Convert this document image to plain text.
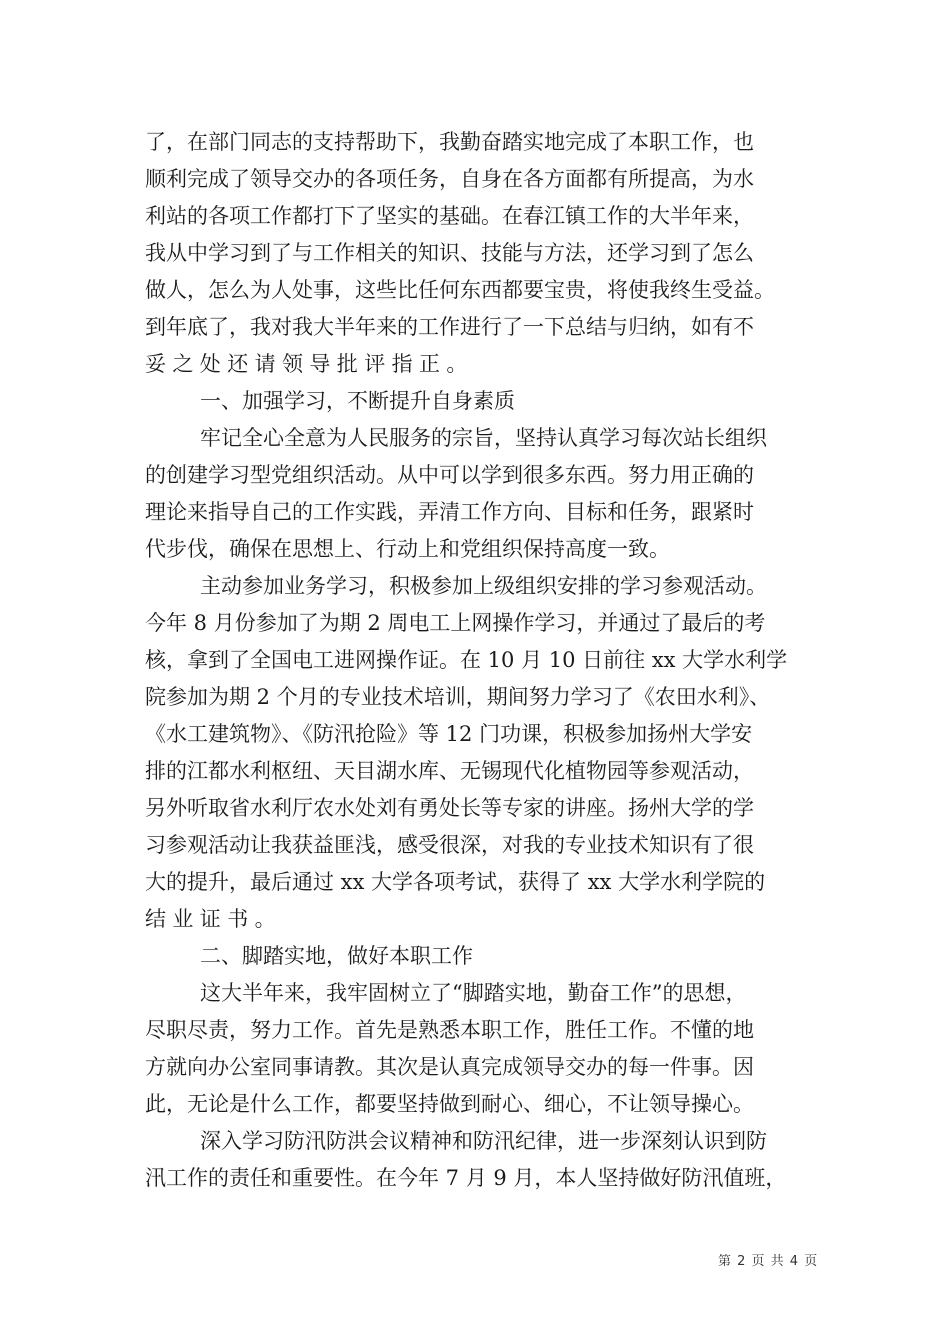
了，在部门同志的支持帮助下，我勤奋踏实地完成了本职工作，也
顺利完成了领导交办的各项任务，自身在各方面都有所提高，为水
利站的各项工作都打下了坚实的基础。在春江镇工作的大半年来，
我从中学习到了与工作相关的知识、技能与方法，还学习到了怎么
做人，怎么为人处事，这些比任何东西都要宝贵，将使我终生受益。
到年底了，我对我大半年来的工作进行了一下总结与归纳，如有不
妥之处还请领导批评指正。
一、加强学习，不断提升自身素质
牢记全心全意为人民服务的宗旨，坚持认真学习每次站长组织
的创建学习型党组织活动。从中可以学到很多东西。努力用正确的
理论来指导自己的工作实践，弄清工作方向、目标和任务，跟紧时
代步伐，确保在思想上、行动上和党组织保持高度一致。
主动参加业务学习，积极参加上级组织安排的学习参观活动。
今年 8 月份参加了为期 2 周电工上网操作学习，并通过了最后的考
核，拿到了全国电工进网操作证。在 10 月 10 日前往 xx 大学水利学
院参加为期 2 个月的专业技术培训，期间努力学习了《农田水利》、
《水工建筑物》、《防汛抢险》等 12 门功课，积极参加扬州大学安
排的江都水利枢纽、天目湖水库、无锡现代化植物园等参观活动，
另外听取省水利厅农水处刘有勇处长等专家的讲座。扬州大学的学
习参观活动让我获益匪浅，感受很深，对我的专业技术知识有了很
大的提升，最后通过 xx 大学各项考试，获得了 xx 大学水利学院的
结业证书。
二、脚踏实地，做好本职工作
这大半年来，我牢固树立了“脚踏实地，勤奋工作”的思想，
尽职尽责，努力工作。首先是熟悉本职工作，胜任工作。不懂的地
方就向办公室同事请教。其次是认真完成领导交办的每一件事。因
此，无论是什么工作，都要坚持做到耐心、细心，不让领导操心。
深入学习防汛防洪会议精神和防汛纪律，进一步深刻认识到防
汛工作的责任和重要性。在今年 7 月 9 月，本人坚持做好防汛值班，
第 2 页 共 4 页
